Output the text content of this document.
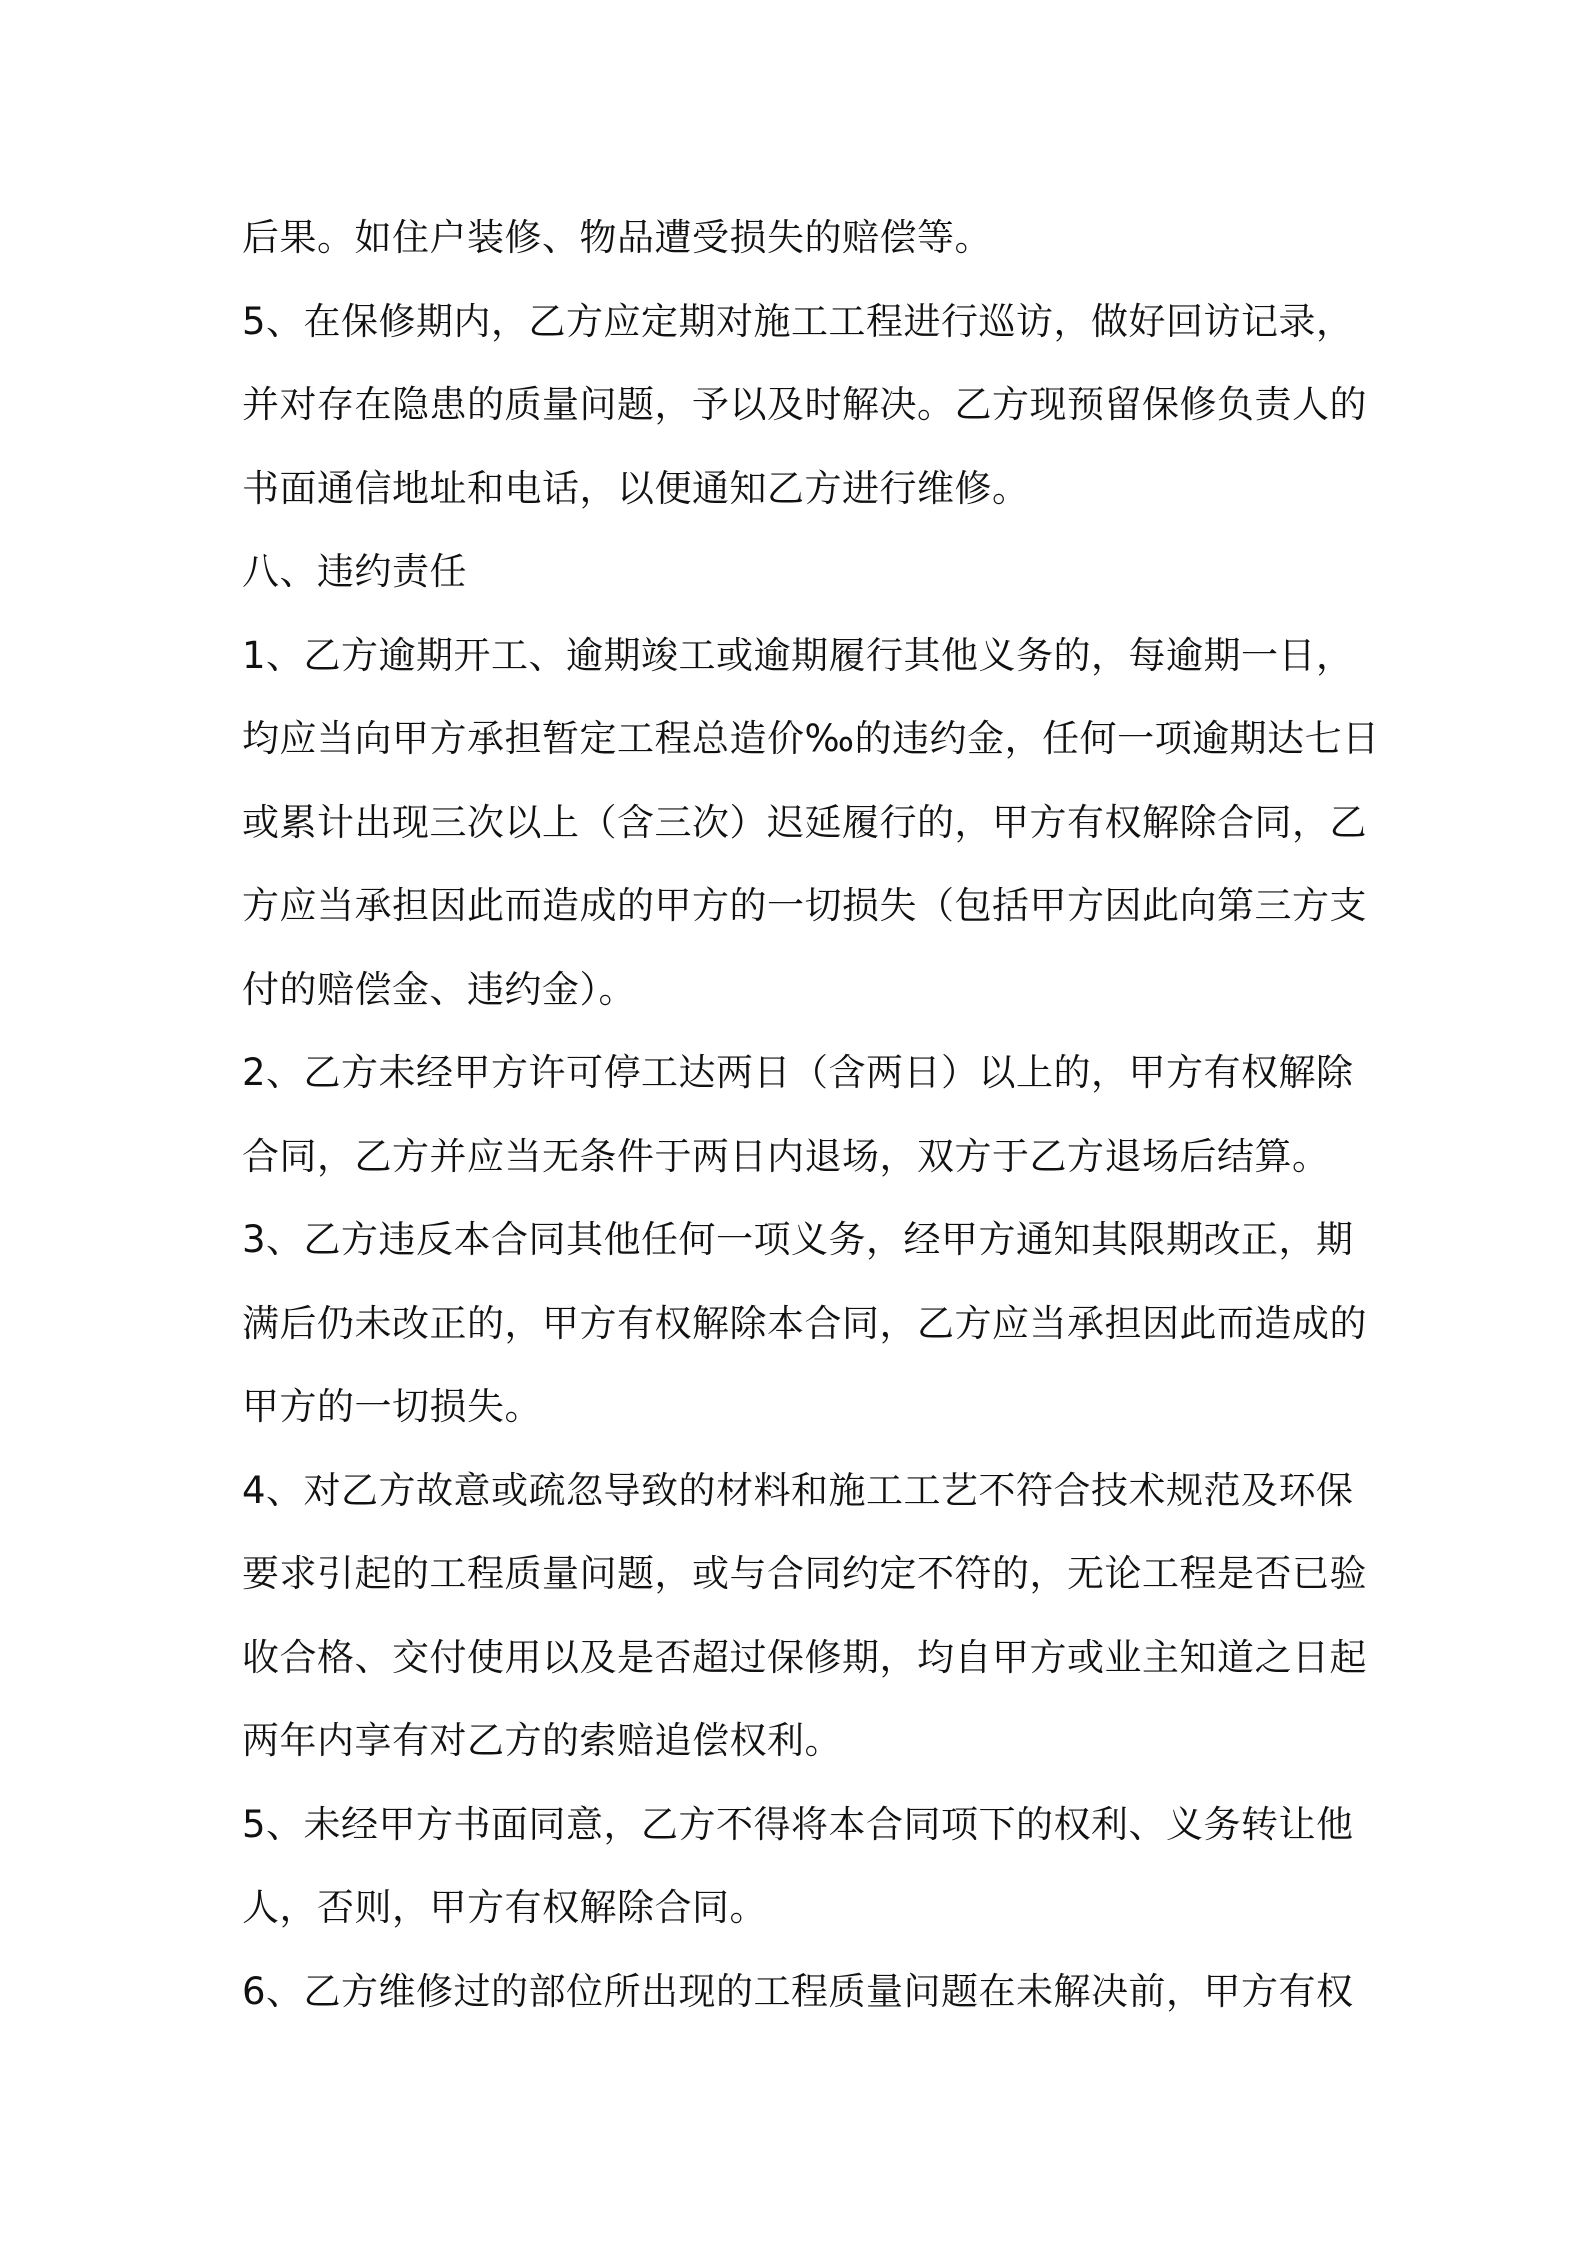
后果。如住户装修、物品遭受损失的赔偿等。
5、在保修期内，乙方应定期对施工工程进行巡访，做好回访记录，
并对存在隐患的质量问题，予以及时解决。乙方现预留保修负责人的
书面通信地址和电话，以便通知乙方进行维修。
八、违约责任
1、乙方逾期开工、逾期竣工或逾期履行其他义务的，每逾期一日，
均应当向甲方承担暂定工程总造价‰的违约金，任何一项逾期达七日
或累计出现三次以上（含三次）迟延履行的，甲方有权解除合同，乙
方应当承担因此而造成的甲方的一切损失（包括甲方因此向第三方支
付的赔偿金、违约金）。
2、乙方未经甲方许可停工达两日（含两日）以上的，甲方有权解除
合同，乙方并应当无条件于两日内退场，双方于乙方退场后结算。
3、乙方违反本合同其他任何一项义务，经甲方通知其限期改正，期
满后仍未改正的，甲方有权解除本合同，乙方应当承担因此而造成的
甲方的一切损失。
4、对乙方故意或疏忽导致的材料和施工工艺不符合技术规范及环保
要求引起的工程质量问题，或与合同约定不符的，无论工程是否已验
收合格、交付使用以及是否超过保修期，均自甲方或业主知道之日起
两年内享有对乙方的索赔追偿权利。
5、未经甲方书面同意，乙方不得将本合同项下的权利、义务转让他
人，否则，甲方有权解除合同。
6、乙方维修过的部位所出现的工程质量问题在未解决前，甲方有权
